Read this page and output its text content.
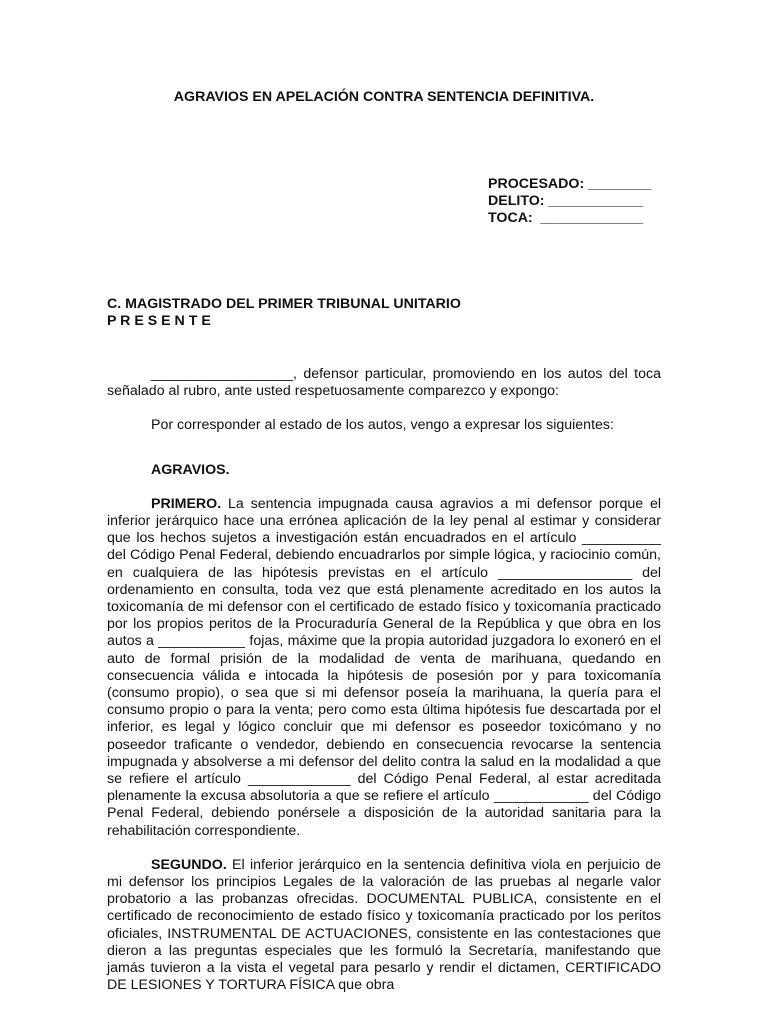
AGRAVIOS EN APELACIÓN CONTRA SENTENCIA DEFINITIVA.
PROCESADO: ________
DELITO: ____________
TOCA:  _____________
C. MAGISTRADO DEL PRIMER TRIBUNAL UNITARIO
P R E S E N T E

__________________, defensor particular, promoviendo en los autos del toca señalado al rubro, ante usted respetuosamente comparezco y expongo:

Por corresponder al estado de los autos, vengo a expresar los siguientes:

AGRAVIOS.

PRIMERO. La sentencia impugnada causa agravios a mi defensor porque el inferior jerárquico hace una errónea aplicación de la ley penal al estimar y considerar que los hechos sujetos a investigación están encuadrados en el artículo __________ del Código Penal Federal, debiendo encuadrarlos por simple lógica, y raciocinio común, en cualquiera de las hipótesis previstas en el artículo _________________ del ordenamiento en consulta, toda vez que está plenamente acreditado en los autos la toxicomanía de mi defensor con el certificado de estado físico y toxicomanía practicado por los propios peritos de la Procuraduría General de la República y que obra en los autos a ___________ fojas, máxime que la propia autoridad juzgadora lo exoneró en el auto de formal prisión de la modalidad de venta de marihuana, quedando en consecuencia válida e intocada la hipótesis de posesión por y para toxicomanía (consumo propio), o sea que si mi defensor poseía la marihuana, la quería para el consumo propio o para la venta; pero como esta última hipótesis fue descartada por el inferior, es legal y lógico concluir que mi defensor es poseedor toxicómano y no poseedor traficante o vendedor, debiendo en consecuencia revocarse la sentencia impugnada y absolverse a mi defensor del delito contra la salud en la modalidad a que se refiere el artículo _____________ del Código Penal Federal, al estar acreditada plenamente la excusa absolutoria a que se refiere el artículo ____________ del Código Penal Federal, debiendo ponérsele a disposición de la autoridad sanitaria para la rehabilitación correspondiente.

SEGUNDO. El inferior jerárquico en la sentencia definitiva viola en perjuicio de mi defensor los principios Legales de la valoración de las pruebas al negarle valor probatorio a las probanzas ofrecidas. DOCUMENTAL PUBLICA, consistente en el certificado de reconocimiento de estado físico y toxicomanía practicado por los peritos oficiales, INSTRUMENTAL DE ACTUACIONES, consistente en las contestaciones que dieron a las preguntas especiales que les formuló la Secretaría, manifestando que jamás tuvieron a la vista el vegetal para pesarlo y rendir el dictamen, CERTIFICADO DE LESIONES Y TORTURA FÍSICA que obra
